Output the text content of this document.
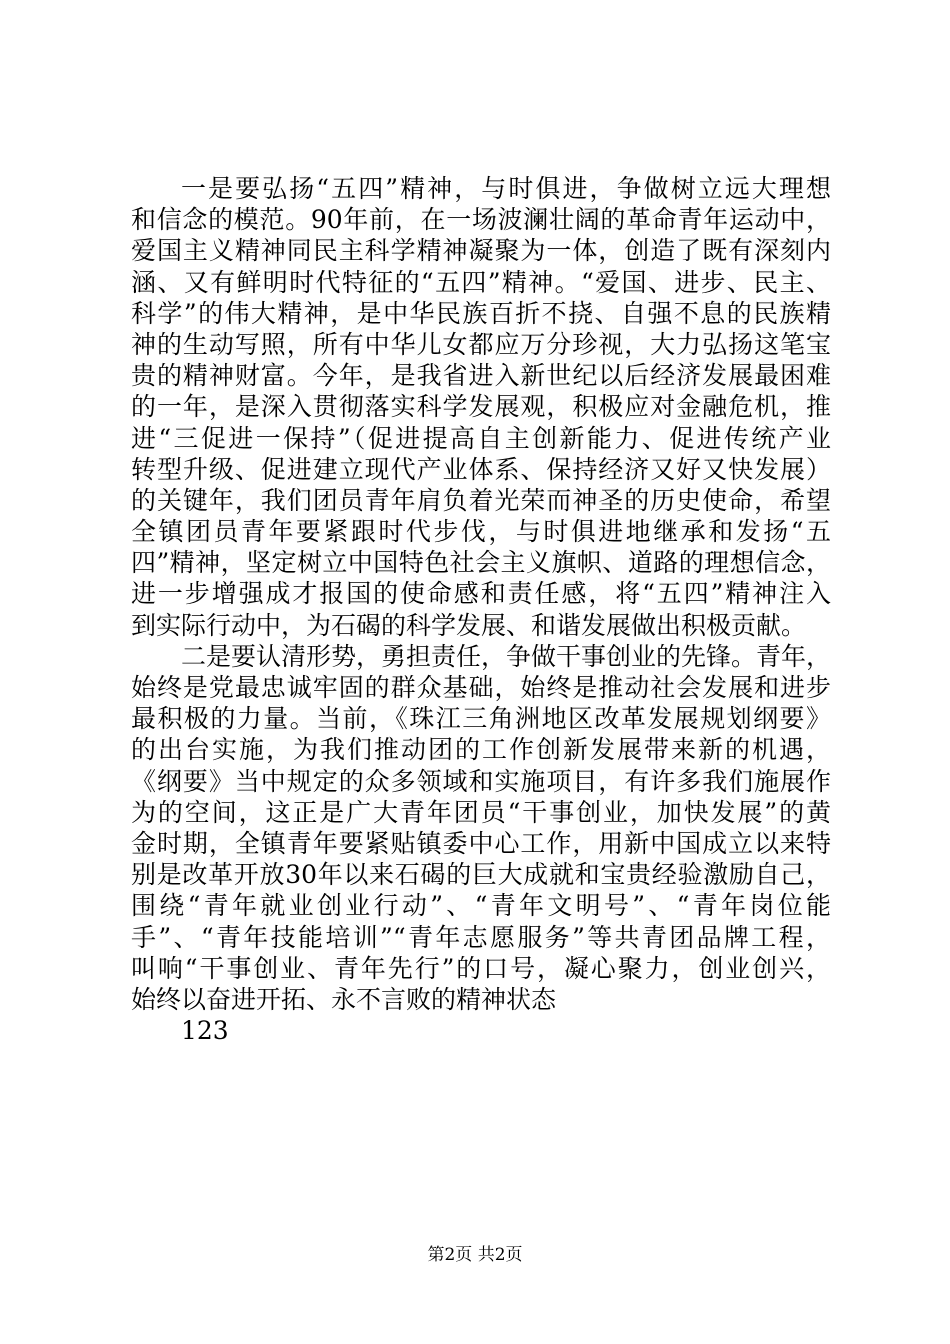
一是要弘扬“五四”精神，与时俱进，争做树立远大理想
和信念的模范。90年前，在一场波澜壮阔的革命青年运动中，
爱国主义精神同民主科学精神凝聚为一体，创造了既有深刻内
涵、又有鲜明时代特征的“五四”精神。“爱国、进步、民主、
科学”的伟大精神，是中华民族百折不挠、自强不息的民族精
神的生动写照，所有中华儿女都应万分珍视，大力弘扬这笔宝
贵的精神财富。今年，是我省进入新世纪以后经济发展最困难
的一年，是深入贯彻落实科学发展观，积极应对金融危机，推
进“三促进一保持”（促进提高自主创新能力、促进传统产业
转型升级、促进建立现代产业体系、保持经济又好又快发展）
的关键年，我们团员青年肩负着光荣而神圣的历史使命，希望
全镇团员青年要紧跟时代步伐，与时俱进地继承和发扬“五
四”精神，坚定树立中国特色社会主义旗帜、道路的理想信念，
进一步增强成才报国的使命感和责任感，将“五四”精神注入
到实际行动中，为石碣的科学发展、和谐发展做出积极贡献。
二是要认清形势，勇担责任，争做干事创业的先锋。青年，
始终是党最忠诚牢固的群众基础，始终是推动社会发展和进步
最积极的力量。当前，《珠江三角洲地区改革发展规划纲要》
的出台实施，为我们推动团的工作创新发展带来新的机遇，
《纲要》当中规定的众多领域和实施项目，有许多我们施展作
为的空间，这正是广大青年团员“干事创业，加快发展”的黄
金时期，全镇青年要紧贴镇委中心工作，用新中国成立以来特
别是改革开放30年以来石碣的巨大成就和宝贵经验激励自己，
围绕“青年就业创业行动”、“青年文明号”、“青年岗位能
手”、“青年技能培训”“青年志愿服务”等共青团品牌工程，
叫响“干事创业、青年先行”的口号，凝心聚力，创业创兴，
始终以奋进开拓、永不言败的精神状态
123
第2页 共2页
